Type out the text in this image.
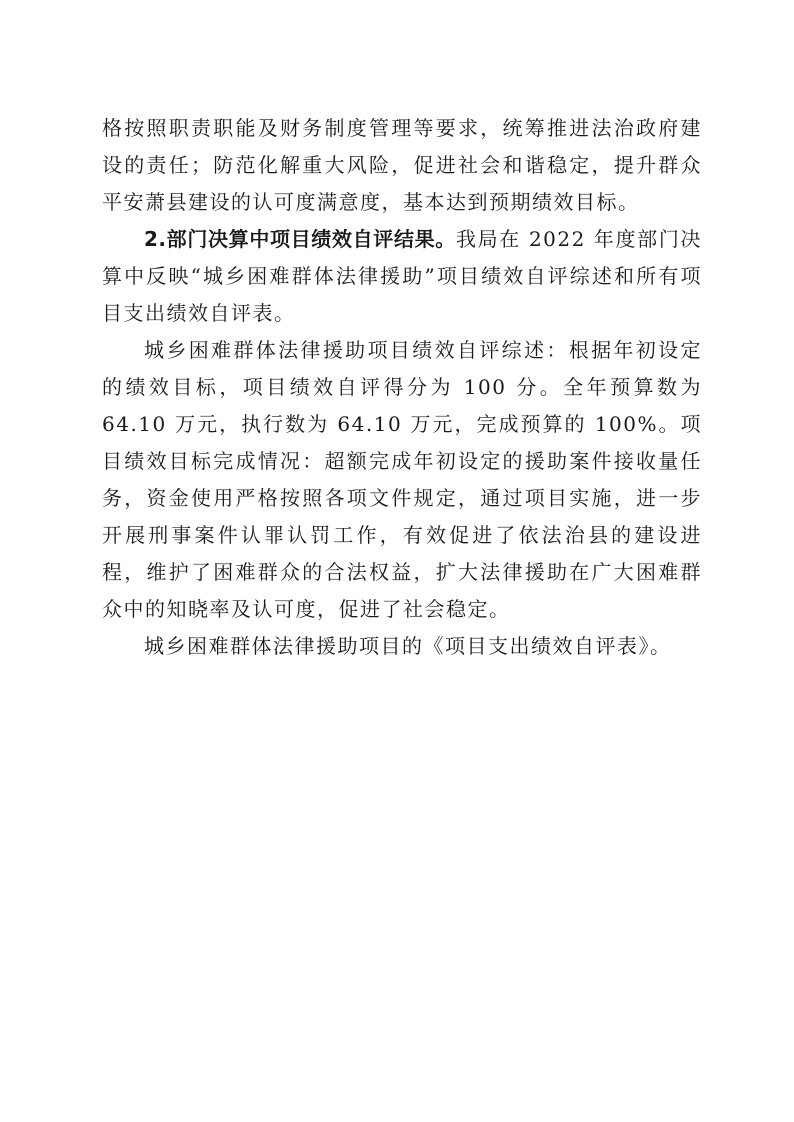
格按照职责职能及财务制度管理等要求，统筹推进法治政府建设的责任；防范化解重大风险，促进社会和谐稳定，提升群众平安萧县建设的认可度满意度，基本达到预期绩效目标。

2.部门决算中项目绩效自评结果。我局在 2022 年度部门决算中反映“城乡困难群体法律援助”项目绩效自评综述和所有项目支出绩效自评表。

城乡困难群体法律援助项目绩效自评综述：根据年初设定的绩效目标，项目绩效自评得分为 100 分。全年预算数为 64.10 万元，执行数为 64.10 万元，完成预算的 100%。项目绩效目标完成情况：超额完成年初设定的援助案件接收量任务，资金使用严格按照各项文件规定，通过项目实施，进一步开展刑事案件认罪认罚工作，有效促进了依法治县的建设进程，维护了困难群众的合法权益，扩大法律援助在广大困难群众中的知晓率及认可度，促进了社会稳定。

城乡困难群体法律援助项目的《项目支出绩效自评表》。
